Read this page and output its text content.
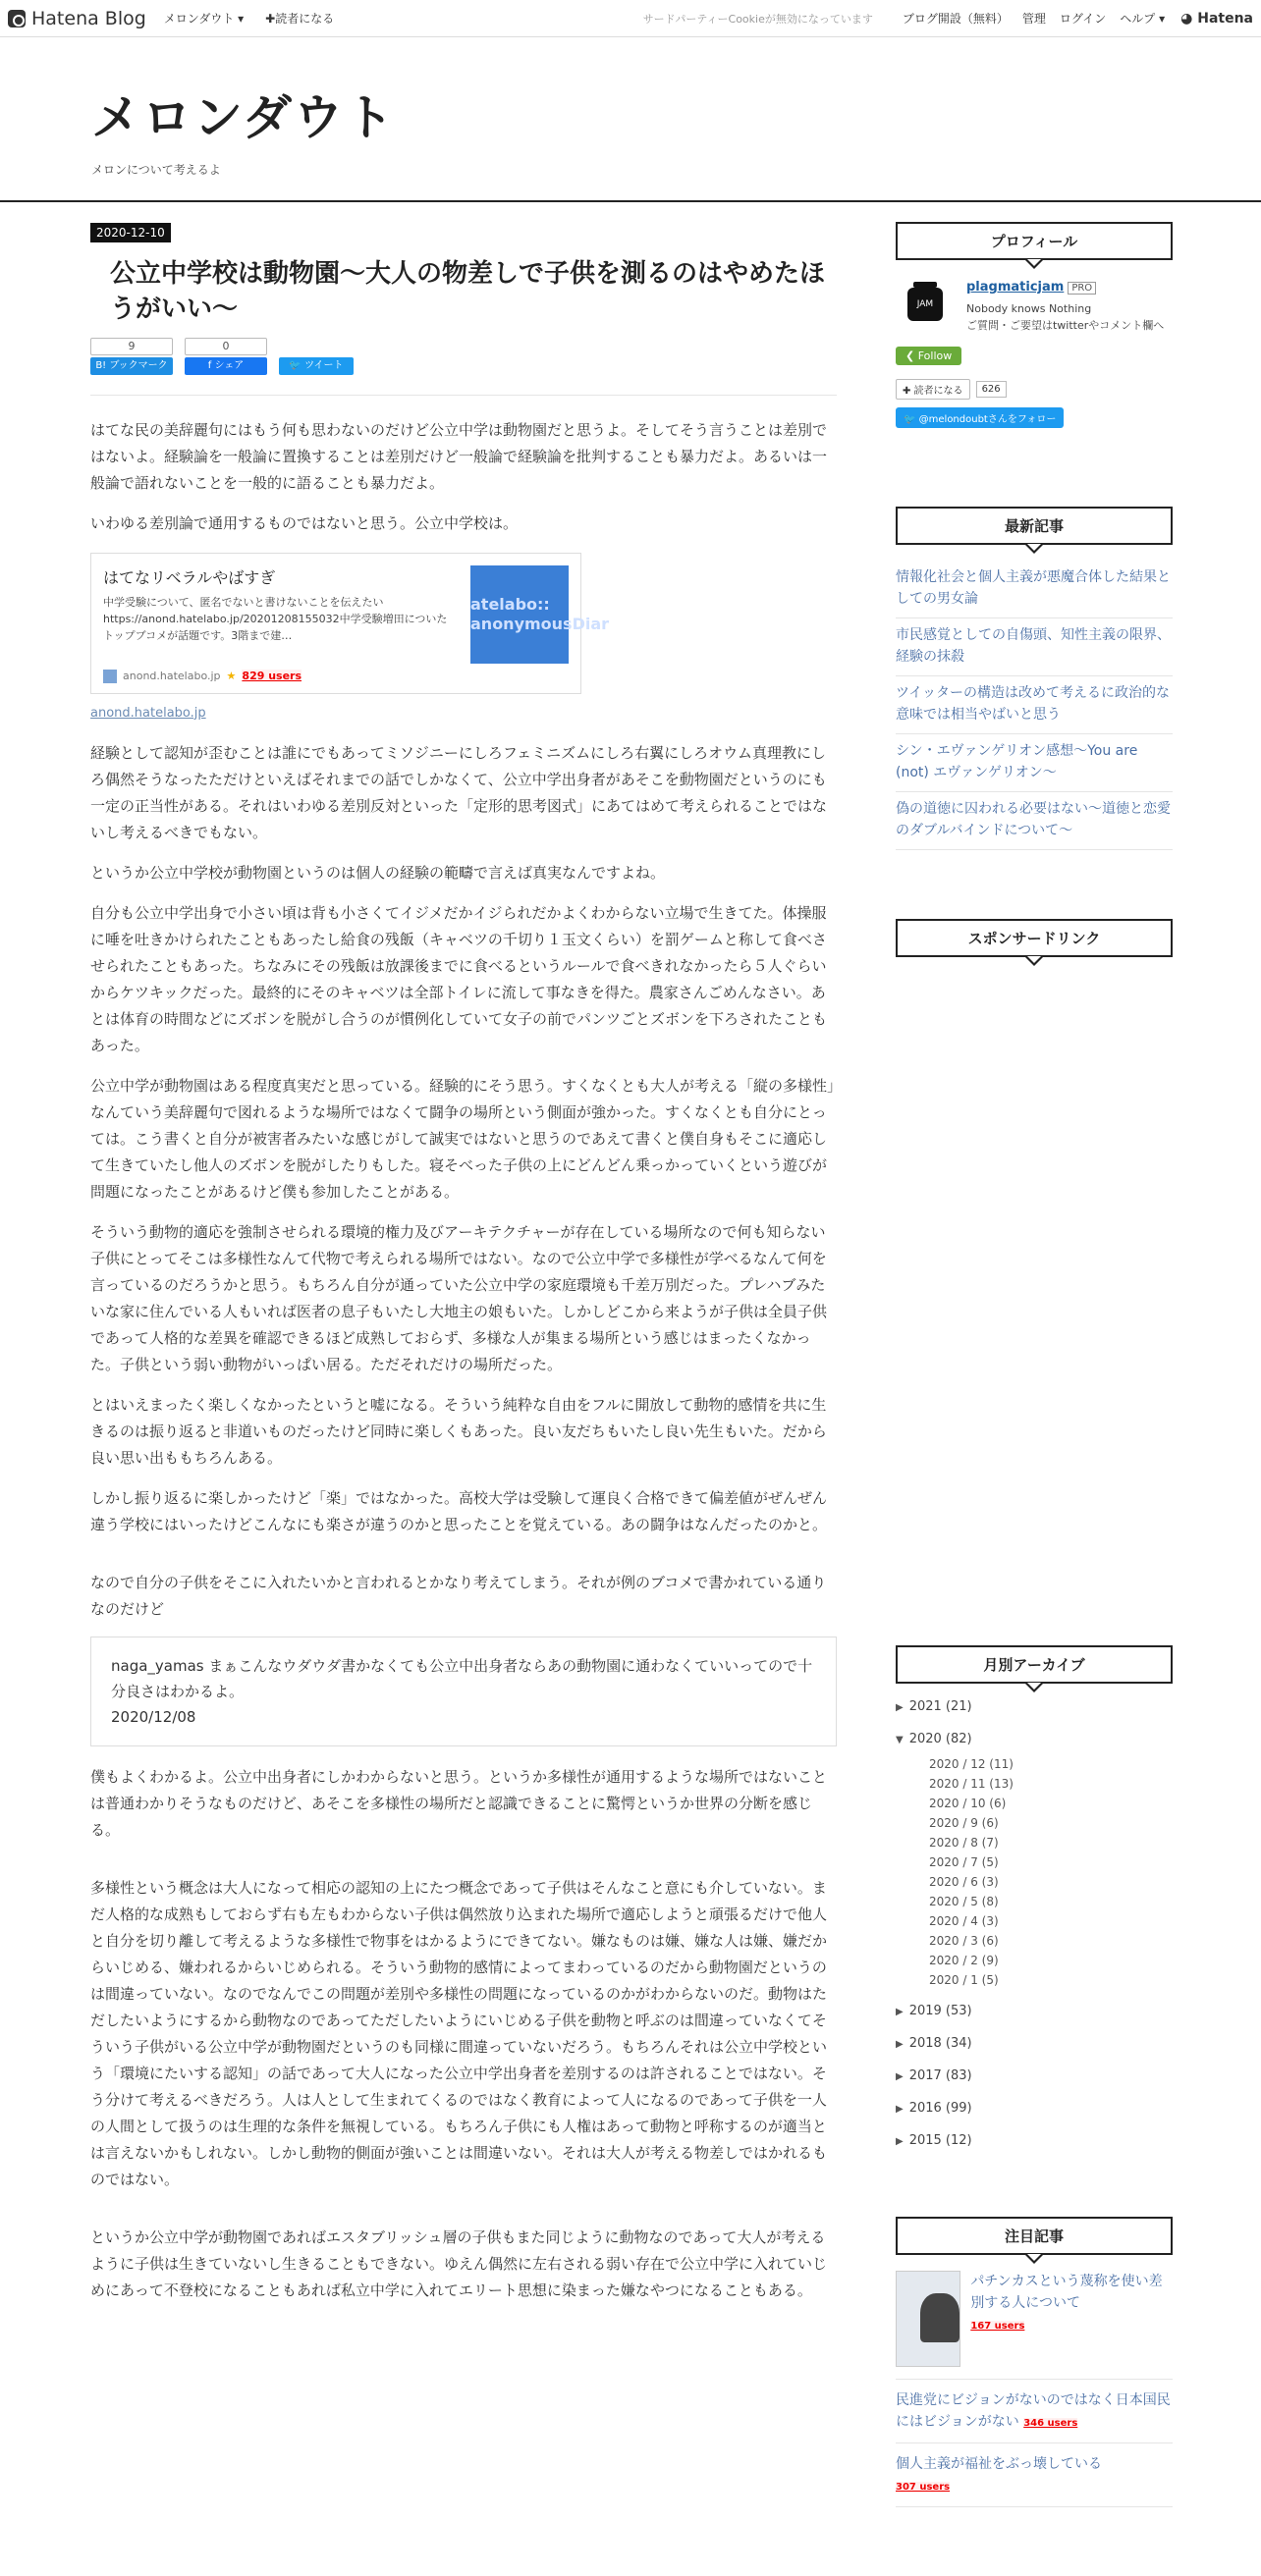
Hatena Blog メロンダウト ▾ ✚読者になる	サードパーティーCookieが無効になっています	ブログ開設（無料） 管理 ログイン ヘルプ ▾ ◕ Hatena
メロンダウト
メロンについて考えるよ
2020-12-10
公立中学校は動物園～大人の物差しで子供を測るのはやめたほうがいい～
9
B! ブックマーク
0
f シェア	🐦 ツイート

はてな民の美辞麗句にはもう何も思わないのだけど公立中学は動物園だと思うよ。そしてそう言うことは差別ではないよ。経験論を一般論に置換することは差別だけど一般論で経験論を批判することも暴力だよ。あるいは一般論で語れないことを一般的に語ることも暴力だよ。

いわゆる差別論で通用するものではないと思う。公立中学校は。

はてなリベラルやばすぎ
中学受験について、匿名でないと書けないことを伝えたいhttps://anond.hatelabo.jp/20201208155032中学受験増田についたトップブコメが話題です。3階まで建…
atelabo:: anonymousDiar
anond.hatelabo.jp ★ 829 users
anond.hatelabo.jp

経験として認知が歪むことは誰にでもあってミソジニーにしろフェミニズムにしろ右翼にしろオウム真理教にしろ偶然そうなったただけといえばそれまでの話でしかなくて、公立中学出身者があそこを動物園だというのにも一定の正当性がある。それはいわゆる差別反対といった「定形的思考図式」にあてはめて考えられることではないし考えるべきでもない。

というか公立中学校が動物園というのは個人の経験の範疇で言えば真実なんですよね。

自分も公立中学出身で小さい頃は背も小さくてイジメだかイジられだかよくわからない立場で生きてた。体操服に唾を吐きかけられたこともあったし給食の残飯（キャベツの千切り１玉文くらい）を罰ゲームと称して食べさせられたこともあった。ちなみにその残飯は放課後までに食べるというルールで食べきれなかったら５人ぐらいからケツキックだった。最終的にそのキャベツは全部トイレに流して事なきを得た。農家さんごめんなさい。あとは体育の時間などにズボンを脱がし合うのが慣例化していて女子の前でパンツごとズボンを下ろされたこともあった。

公立中学が動物園はある程度真実だと思っている。経験的にそう思う。すくなくとも大人が考える「縦の多様性」なんていう美辞麗句で図れるような場所ではなくて闘争の場所という側面が強かった。すくなくとも自分にとっては。こう書くと自分が被害者みたいな感じがして誠実ではないと思うのであえて書くと僕自身もそこに適応して生きていたし他人のズボンを脱がしたりもした。寝そべった子供の上にどんどん乗っかっていくという遊びが問題になったことがあるけど僕も参加したことがある。

そういう動物的適応を強制させられる環境的権力及びアーキテクチャーが存在している場所なので何も知らない子供にとってそこは多様性なんて代物で考えられる場所ではない。なので公立中学で多様性が学べるなんて何を言っているのだろうかと思う。もちろん自分が通っていた公立中学の家庭環境も千差万別だった。プレハブみたいな家に住んでいる人もいれば医者の息子もいたし大地主の娘もいた。しかしどこから来ようが子供は全員子供であって人格的な差異を確認できるほど成熟しておらず、多様な人が集まる場所という感じはまったくなかった。子供という弱い動物がいっぱい居る。ただそれだけの場所だった。

とはいえまったく楽しくなかったというと嘘になる。そういう純粋な自由をフルに開放して動物的感情を共に生きるのは振り返ると非道いものだったけど同時に楽しくもあった。良い友だちもいたし良い先生もいた。だから良い思い出ももちろんある。

しかし振り返るに楽しかったけど「楽」ではなかった。高校大学は受験して運良く合格できて偏差値がぜんぜん違う学校にはいったけどこんなにも楽さが違うのかと思ったことを覚えている。あの闘争はなんだったのかと。

なので自分の子供をそこに入れたいかと言われるとかなり考えてしまう。それが例のブコメで書かれている通りなのだけど

naga_yamas まぁこんなウダウダ書かなくても公立中出身者ならあの動物園に通わなくていいってので十分良さはわかるよ。
2020/12/08

僕もよくわかるよ。公立中出身者にしかわからないと思う。というか多様性が通用するような場所ではないことは普通わかりそうなものだけど、あそこを多様性の場所だと認識できることに驚愕というか世界の分断を感じる。

多様性という概念は大人になって相応の認知の上にたつ概念であって子供はそんなこと意にも介していない。まだ人格的な成熟もしておらず右も左もわからない子供は偶然放り込まれた場所で適応しようと頑張るだけで他人と自分を切り離して考えるような多様性で物事をはかるようにできてない。嫌なものは嫌、嫌な人は嫌、嫌だからいじめる、嫌われるからいじめられる。そういう動物的感情によってまわっているのだから動物園だというのは間違っていない。なのでなんでこの問題が差別や多様性の問題になっているのかがわからないのだ。動物はただしたいようにするから動物なのであってただしたいようにいじめる子供を動物と呼ぶのは間違っていなくてそういう子供がいる公立中学が動物園だというのも同様に間違っていないだろう。もちろんそれは公立中学校という「環境にたいする認知」の話であって大人になった公立中学出身者を差別するのは許されることではない。そう分けて考えるべきだろう。人は人として生まれてくるのではなく教育によって人になるのであって子供を一人の人間として扱うのは生理的な条件を無視している。もちろん子供にも人権はあって動物と呼称するのが適当とは言えないかもしれない。しかし動物的側面が強いことは間違いない。それは大人が考える物差しではかれるものではない。

というか公立中学が動物園であればエスタブリッシュ層の子供もまた同じように動物なのであって大人が考えるように子供は生きていないし生きることもできない。ゆえん偶然に左右される弱い存在で公立中学に入れていじめにあって不登校になることもあれば私立中学に入れてエリート思想に染まった嫌なやつになることもある。

プロフィール
JAM
plagmaticjam PRO
Nobody knows Nothing
ご質問・ご要望はtwitterやコメント欄へ
❮ Follow
✚ 読者になる	626
🐦 @melondoubtさんをフォロー
最新記事
情報化社会と個人主義が悪魔合体した結果としての男女論
市民感覚としての自傷頭、知性主義の限界、経験の抹殺
ツイッターの構造は改めて考えるに政治的な意味では相当やばいと思う
シン・エヴァンゲリオン感想～You are (not) エヴァンゲリオン～
偽の道徳に囚われる必要はない～道徳と恋愛のダブルバインドについて～
スポンサードリンク
月別アーカイブ
▶ 2021 (21)
▼ 2020 (82)
2020 / 12 (11)
2020 / 11 (13)
2020 / 10 (6)
2020 / 9 (6)
2020 / 8 (7)
2020 / 7 (5)
2020 / 6 (3)
2020 / 5 (8)
2020 / 4 (3)
2020 / 3 (6)
2020 / 2 (9)
2020 / 1 (5)
▶ 2019 (53)
▶ 2018 (34)
▶ 2017 (83)
▶ 2016 (99)
▶ 2015 (12)
注目記事
パチンカスという蔑称を使い差別する人について
167 users
民進党にビジョンがないのではなく日本国民にはビジョンがない 346 users
個人主義が福祉をぶっ壊している
307 users
